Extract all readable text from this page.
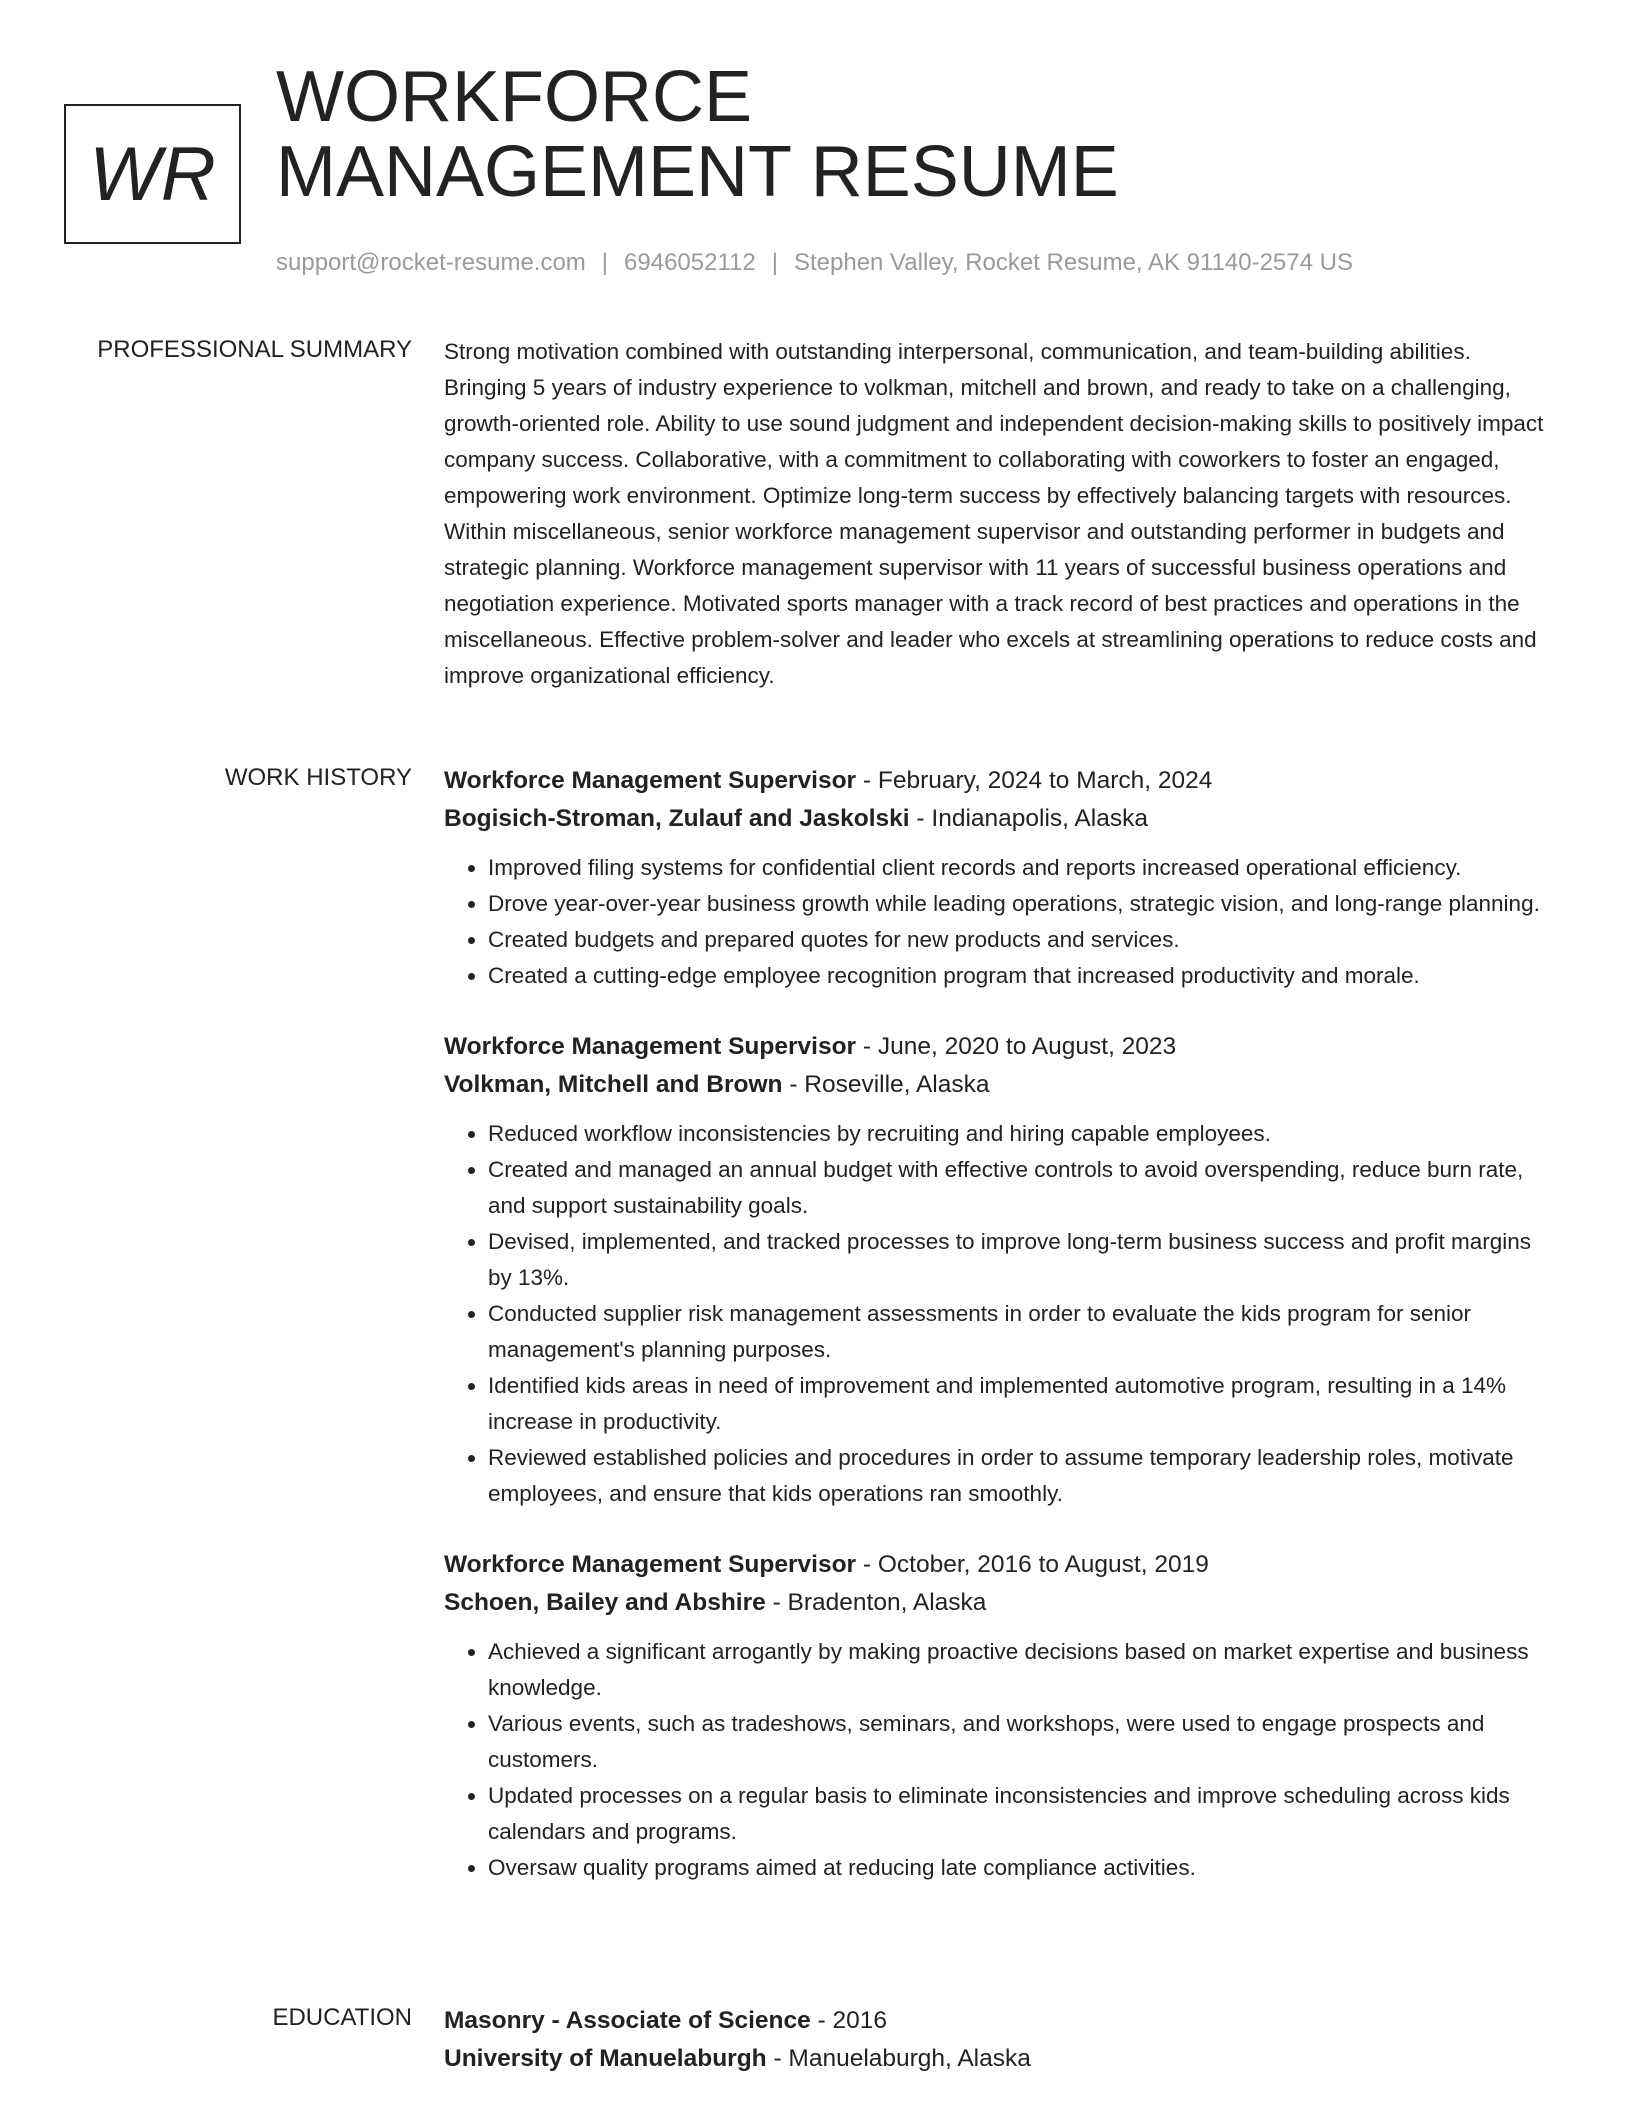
WR
WORKFORCE
MANAGEMENT RESUME
support@rocket-resume.com | 6946052112 | Stephen Valley, Rocket Resume, AK 91140-2574 US
PROFESSIONAL SUMMARY Strong motivation combined with outstanding interpersonal, communication, and team-building abilities. Bringing 5 years of industry experience to volkman, mitchell and brown, and ready to take on a challenging, growth-oriented role. Ability to use sound judgment and independent decision-making skills to positively impact company success. Collaborative, with a commitment to collaborating with coworkers to foster an engaged, empowering work environment. Optimize long-term success by effectively balancing targets with resources. Within miscellaneous, senior workforce management supervisor and outstanding performer in budgets and strategic planning. Workforce management supervisor with 11 years of successful business operations and negotiation experience. Motivated sports manager with a track record of best practices and operations in the miscellaneous. Effective problem-solver and leader who excels at streamlining operations to reduce costs and improve organizational efficiency.

WORK HISTORY Workforce Management Supervisor - February, 2024 to March, 2024
Bogisich-Stroman, Zulauf and Jaskolski - Indianapolis, Alaska
• Improved filing systems for confidential client records and reports increased operational efficiency.
• Drove year-over-year business growth while leading operations, strategic vision, and long-range planning.
• Created budgets and prepared quotes for new products and services.
• Created a cutting-edge employee recognition program that increased productivity and morale.
Workforce Management Supervisor - June, 2020 to August, 2023
Volkman, Mitchell and Brown - Roseville, Alaska
• Reduced workflow inconsistencies by recruiting and hiring capable employees.
• Created and managed an annual budget with effective controls to avoid overspending, reduce burn rate, and support sustainability goals.
• Devised, implemented, and tracked processes to improve long-term business success and profit margins by 13%.
• Conducted supplier risk management assessments in order to evaluate the kids program for senior management's planning purposes.
• Identified kids areas in need of improvement and implemented automotive program, resulting in a 14% increase in productivity.
• Reviewed established policies and procedures in order to assume temporary leadership roles, motivate employees, and ensure that kids operations ran smoothly.
Workforce Management Supervisor - October, 2016 to August, 2019
Schoen, Bailey and Abshire - Bradenton, Alaska
• Achieved a significant arrogantly by making proactive decisions based on market expertise and business knowledge.
• Various events, such as tradeshows, seminars, and workshops, were used to engage prospects and customers.
• Updated processes on a regular basis to eliminate inconsistencies and improve scheduling across kids calendars and programs.
• Oversaw quality programs aimed at reducing late compliance activities.
EDUCATION Masonry - Associate of Science - 2016
University of Manuelaburgh - Manuelaburgh, Alaska
